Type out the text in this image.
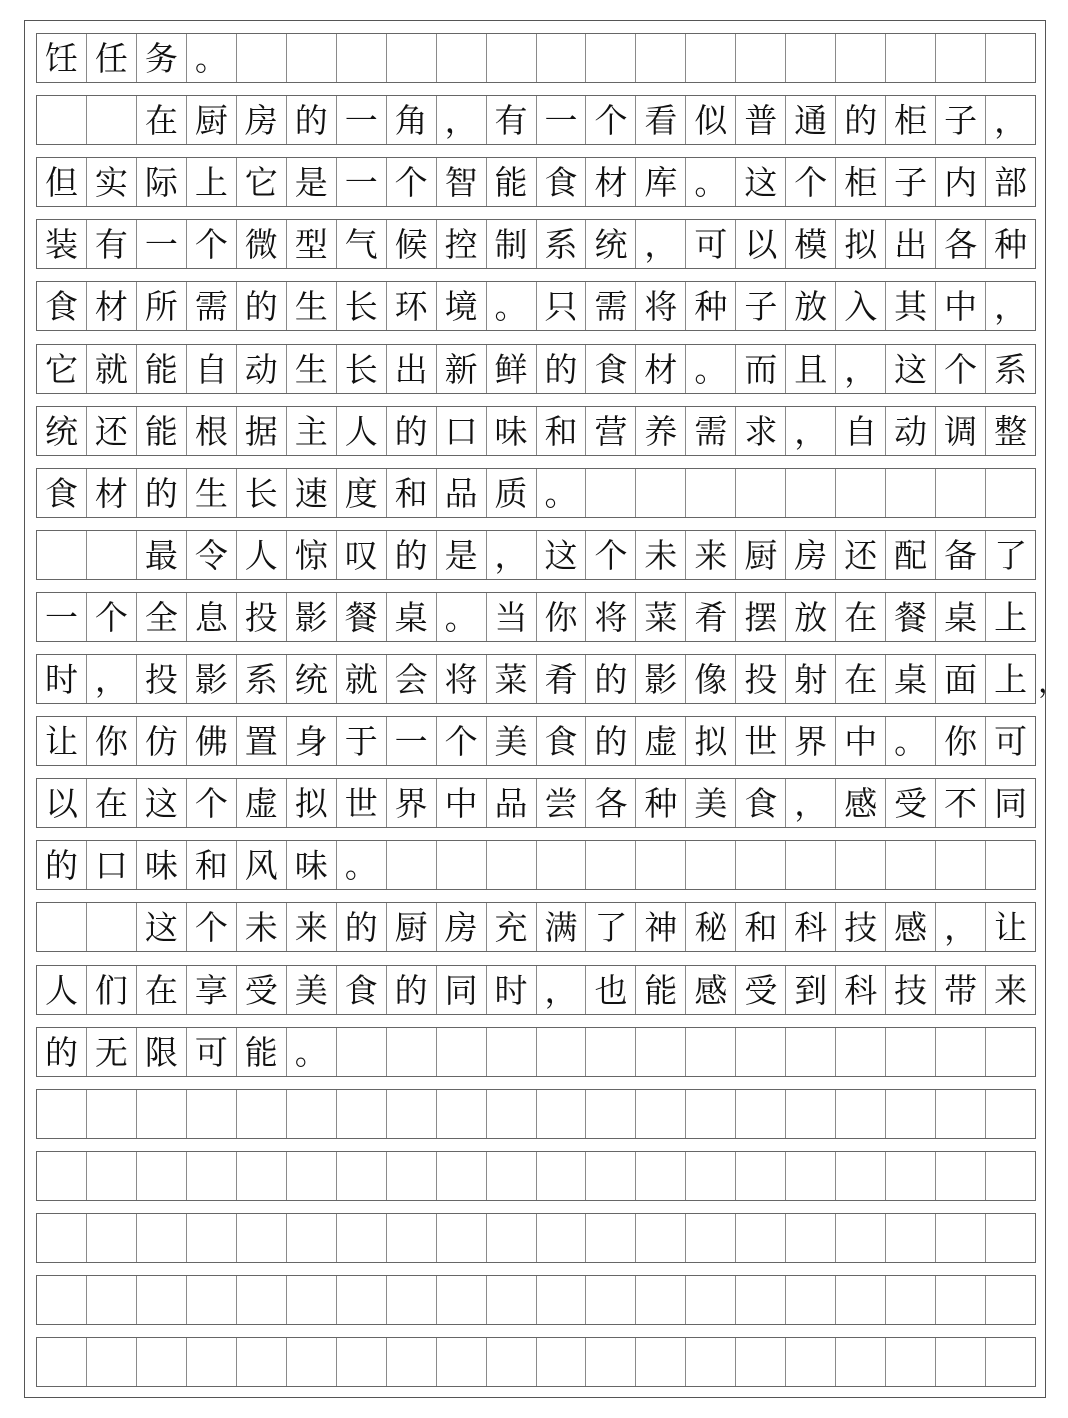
饪 任 务 。
在 厨 房 的 一 角 ， 有 一 个 看 似 普 通 的 柜 子 ，
但 实 际 上 它 是 一 个 智 能 食 材 库 。 这 个 柜 子 内 部
装 有 一 个 微 型 气 候 控 制 系 统 ， 可 以 模 拟 出 各 种
食 材 所 需 的 生 长 环 境 。 只 需 将 种 子 放 入 其 中 ，
它 就 能 自 动 生 长 出 新 鲜 的 食 材 。 而 且 ， 这 个 系
统 还 能 根 据 主 人 的 口 味 和 营 养 需 求 ， 自 动 调 整
食 材 的 生 长 速 度 和 品 质 。
最 令 人 惊 叹 的 是 ， 这 个 未 来 厨 房 还 配 备 了
一 个 全 息 投 影 餐 桌 。 当 你 将 菜 肴 摆 放 在 餐 桌 上
时 ， 投 影 系 统 就 会 将 菜 肴 的 影 像 投 射 在 桌 面 上
让 你 仿 佛 置 身 于 一 个 美 食 的 虚 拟 世 界 中 。 你 可
以 在 这 个 虚 拟 世 界 中 品 尝 各 种 美 食 ， 感 受 不 同
的 口 味 和 风 味 。
这 个 未 来 的 厨 房 充 满 了 神 秘 和 科 技 感 ， 让
人 们 在 享 受 美 食 的 同 时 ， 也 能 感 受 到 科 技 带 来
的 无 限 可 能 。
，
